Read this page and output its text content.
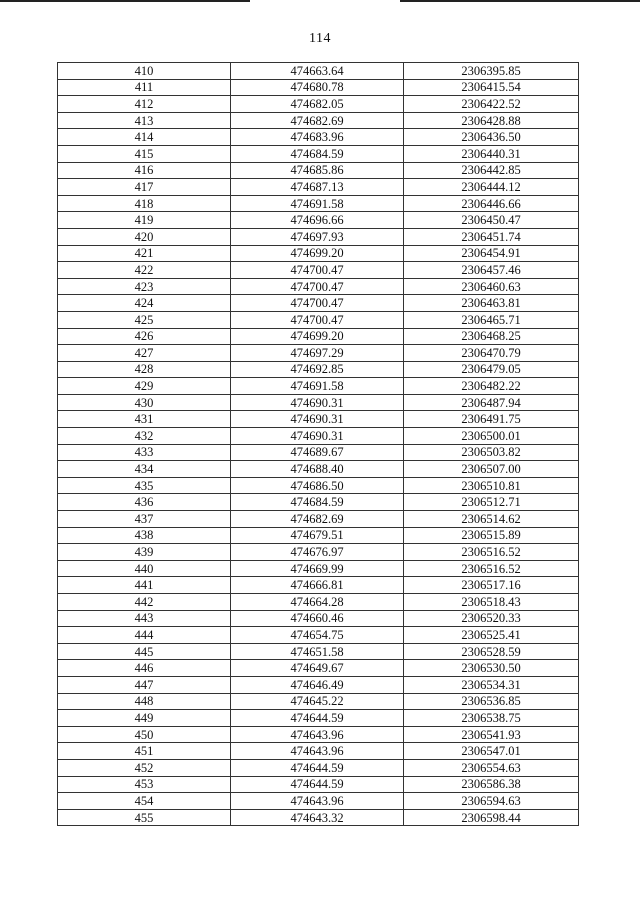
114
410	474663.64	2306395.85
411	474680.78	2306415.54
412	474682.05	2306422.52
413	474682.69	2306428.88
414	474683.96	2306436.50
415	474684.59	2306440.31
416	474685.86	2306442.85
417	474687.13	2306444.12
418	474691.58	2306446.66
419	474696.66	2306450.47
420	474697.93	2306451.74
421	474699.20	2306454.91
422	474700.47	2306457.46
423	474700.47	2306460.63
424	474700.47	2306463.81
425	474700.47	2306465.71
426	474699.20	2306468.25
427	474697.29	2306470.79
428	474692.85	2306479.05
429	474691.58	2306482.22
430	474690.31	2306487.94
431	474690.31	2306491.75
432	474690.31	2306500.01
433	474689.67	2306503.82
434	474688.40	2306507.00
435	474686.50	2306510.81
436	474684.59	2306512.71
437	474682.69	2306514.62
438	474679.51	2306515.89
439	474676.97	2306516.52
440	474669.99	2306516.52
441	474666.81	2306517.16
442	474664.28	2306518.43
443	474660.46	2306520.33
444	474654.75	2306525.41
445	474651.58	2306528.59
446	474649.67	2306530.50
447	474646.49	2306534.31
448	474645.22	2306536.85
449	474644.59	2306538.75
450	474643.96	2306541.93
451	474643.96	2306547.01
452	474644.59	2306554.63
453	474644.59	2306586.38
454	474643.96	2306594.63
455	474643.32	2306598.44
